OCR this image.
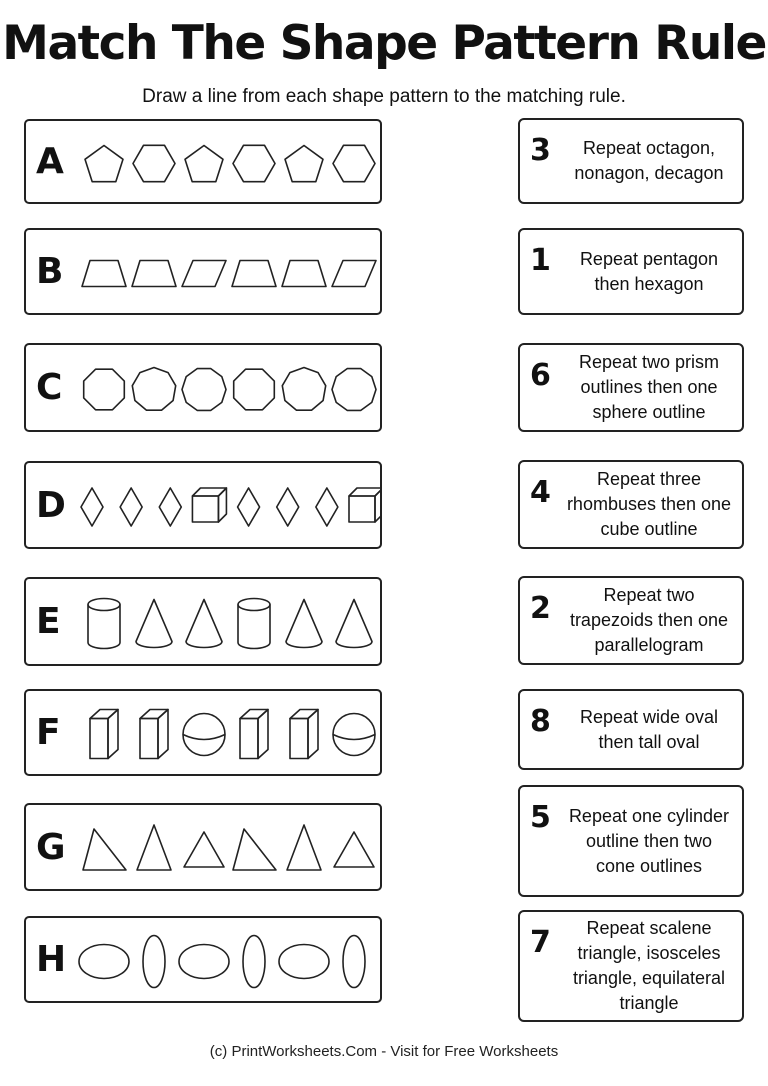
Match The Shape Pattern Rule
Draw a line from each shape pattern to the matching rule.
A
B
C
D
E
F
G
H
3	Repeat octagon, nonagon, decagon
1	Repeat pentagon then hexagon
6	Repeat two prism outlines then one sphere outline
4	Repeat three rhombuses then one cube outline
2	Repeat two trapezoids then one parallelogram
8	Repeat wide oval then tall oval
5 Repeat one cylinder outline then two cone outlines
7	Repeat scalene triangle, isosceles triangle, equilateral triangle
(c) PrintWorksheets.Com - Visit for Free Worksheets
